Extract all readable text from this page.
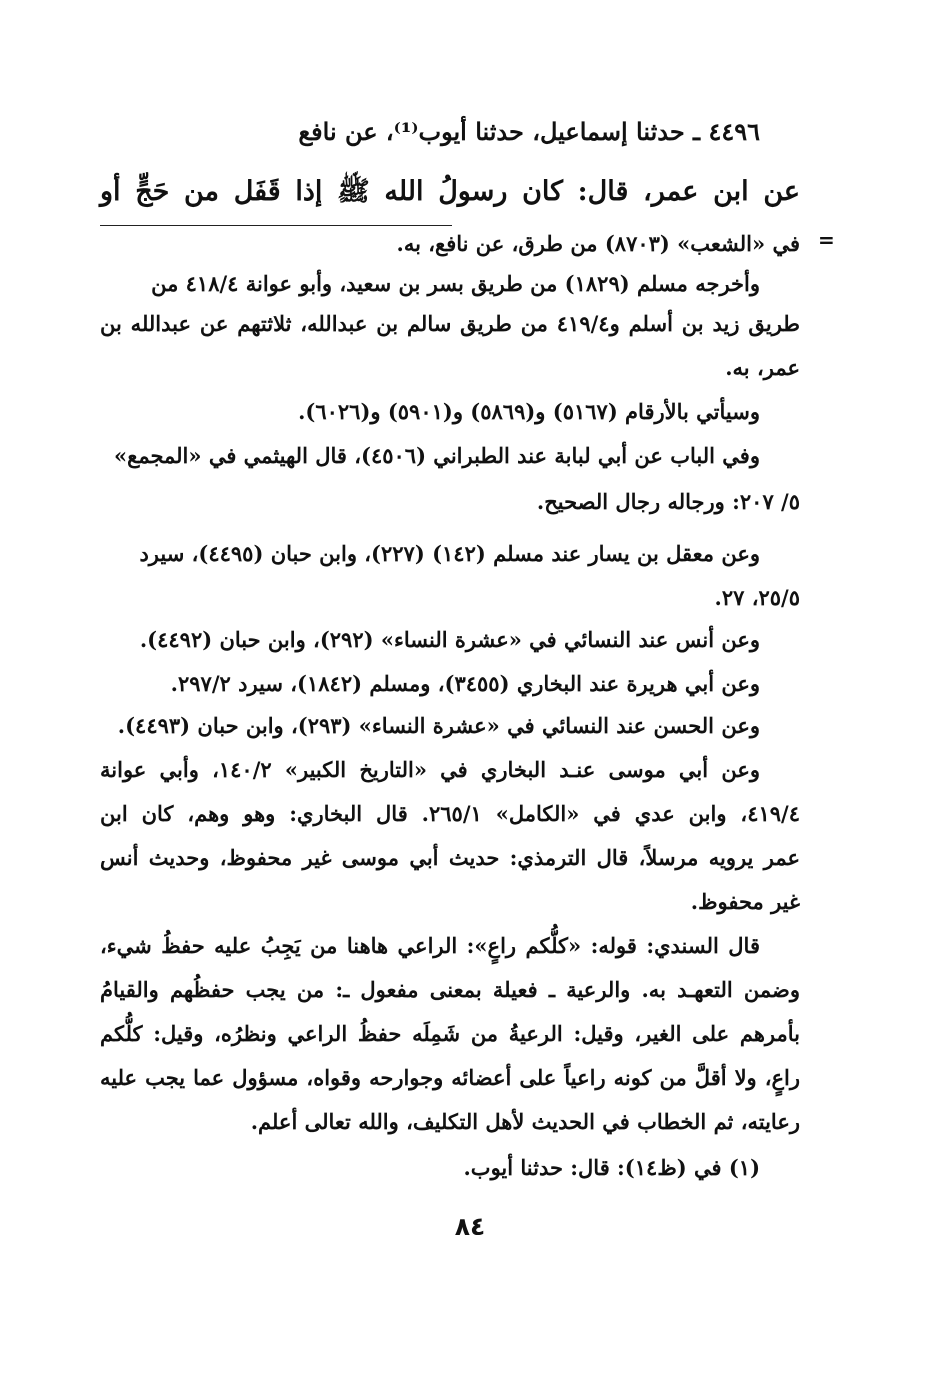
٤٤٩٦ ـ حدثنا إسماعيل، حدثنا أيوب⁽¹⁾، عن نافع
عن ابن عمر، قال: كان رسولُ الله ﷺ إذا قَفَل من حَجٍّ أو
=
في «الشعب» (٨٧٠٣) من طرق، عن نافع، به.
وأخرجه مسلم (١٨٢٩) من طريق بسر بن سعيد، وأبو عوانة ٤١٨/٤ من
طريق زيد بن أسلم و٤١٩/٤ من طريق سالم بن عبدالله، ثلاثتهم عن عبدالله بن
عمر، به.
وسيأتي بالأرقام (٥١٦٧) و(٥٨٦٩) و(٥٩٠١) و(٦٠٢٦).
وفي الباب عن أبي لبابة عند الطبراني (٤٥٠٦)، قال الهيثمي في «المجمع»
٥/ ٢٠٧: ورجاله رجال الصحيح.
وعن معقل بن يسار عند مسلم (١٤٢) (٢٢٧)، وابن حبان (٤٤٩٥)، سيرد
٢٥/٥، ٢٧.
وعن أنس عند النسائي في «عشرة النساء» (٢٩٢)، وابن حبان (٤٤٩٢).
وعن أبي هريرة عند البخاري (٣٤٥٥)، ومسلم (١٨٤٢)، سيرد ٢٩٧/٢.
وعن الحسن عند النسائي في «عشرة النساء» (٢٩٣)، وابن حبان (٤٤٩٣).
وعن أبي موسى عنـد البخاري في «التاريخ الكبير» ١٤٠/٢، وأبي عوانة
٤١٩/٤، وابن عدي في «الكامل» ٢٦٥/١. قال البخاري: وهو وهم، كان ابن
عمر يرويه مرسلاً، قال الترمذي: حديث أبي موسى غير محفوظ، وحديث أنس
غير محفوظ.
قال السندي: قوله: «كلُّكم راعٍ»: الراعي هاهنا من يَجِبُ عليه حفظُ شيء،
وضمن التعهـد به. والرعية ـ فعيلة بمعنى مفعول ـ: من يجب حفظُهم والقيامُ
بأمرهم على الغير، وقيل: الرعيةُ من شَمِلَه حفظُ الراعي ونظرُه، وقيل: كلُّكم
راعٍ، ولا أقلَّ من كونه راعياً على أعضائه وجوارحه وقواه، مسؤول عما يجب عليه
رعايته، ثم الخطاب في الحديث لأهل التكليف، والله تعالى أعلم.
(١) في (ظ١٤): قال: حدثنا أيوب.
٨٤
